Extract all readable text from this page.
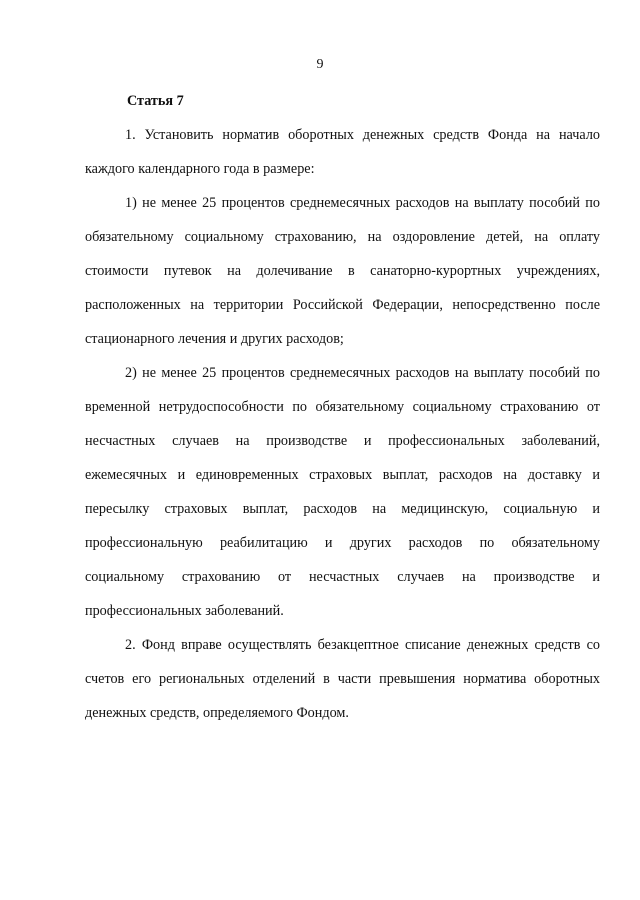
9

Статья 7

1. Установить норматив оборотных денежных средств Фонда на начало каждого календарного года в размере:

1) не менее 25 процентов среднемесячных расходов на выплату пособий по обязательному социальному страхованию, на оздоровление детей, на оплату стоимости путевок на долечивание в санаторно-курортных учреждениях, расположенных на территории Российской Федерации, непосредственно после стационарного лечения и других расходов;

2) не менее 25 процентов среднемесячных расходов на выплату пособий по временной нетрудоспособности по обязательному социальному страхованию от несчастных случаев на производстве и профессиональных заболеваний, ежемесячных и единовременных страховых выплат, расходов на доставку и пересылку страховых выплат, расходов на медицинскую, социальную и профессиональную реабилитацию и других расходов по обязательному социальному страхованию от несчастных случаев на производстве и профессиональных заболеваний.

2. Фонд вправе осуществлять безакцептное списание денежных средств со счетов его региональных отделений в части превышения норматива оборотных денежных средств, определяемого Фондом.
